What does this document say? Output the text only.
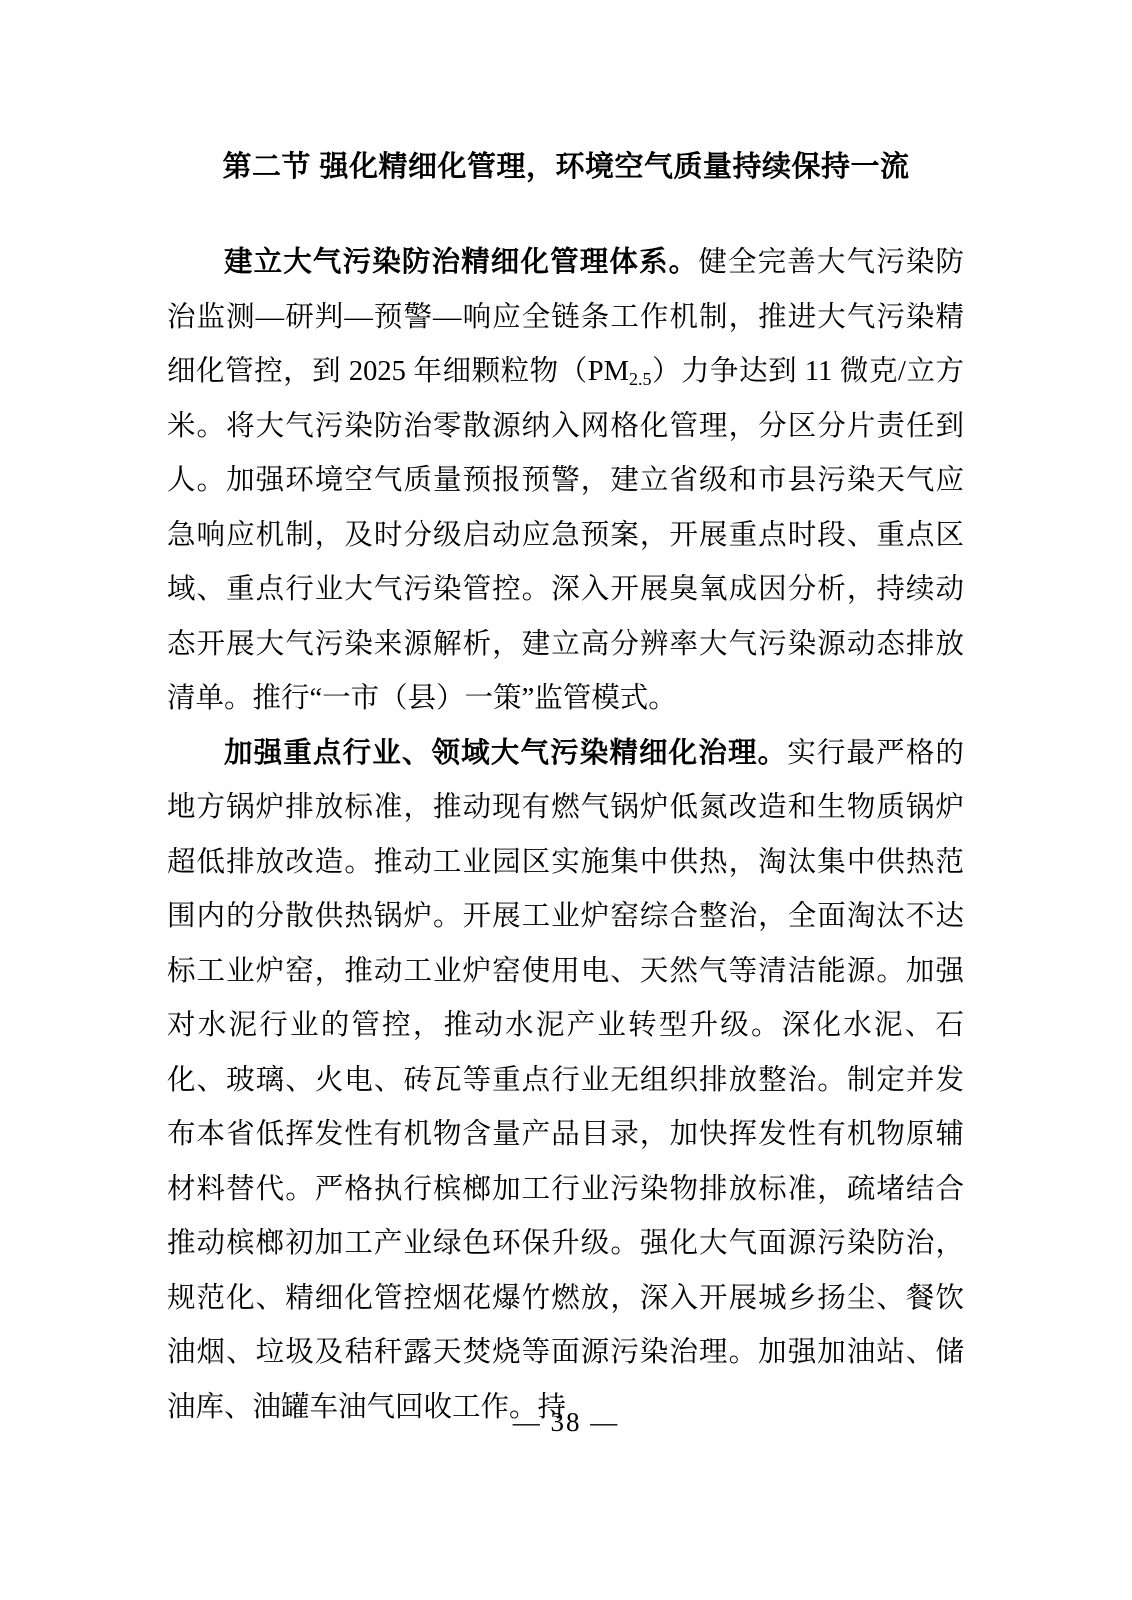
第二节 强化精细化管理，环境空气质量持续保持一流

建立大气污染防治精细化管理体系。健全完善大气污染防治监测—研判—预警—响应全链条工作机制，推进大气污染精细化管控，到 2025 年细颗粒物（PM2.5）力争达到 11 微克/立方米。将大气污染防治零散源纳入网格化管理，分区分片责任到人。加强环境空气质量预报预警，建立省级和市县污染天气应急响应机制，及时分级启动应急预案，开展重点时段、重点区域、重点行业大气污染管控。深入开展臭氧成因分析，持续动态开展大气污染来源解析，建立高分辨率大气污染源动态排放清单。推行“一市（县）一策”监管模式。

加强重点行业、领域大气污染精细化治理。实行最严格的地方锅炉排放标准，推动现有燃气锅炉低氮改造和生物质锅炉超低排放改造。推动工业园区实施集中供热，淘汰集中供热范围内的分散供热锅炉。开展工业炉窑综合整治，全面淘汰不达标工业炉窑，推动工业炉窑使用电、天然气等清洁能源。加强对水泥行业的管控，推动水泥产业转型升级。深化水泥、石化、玻璃、火电、砖瓦等重点行业无组织排放整治。制定并发布本省低挥发性有机物含量产品目录，加快挥发性有机物原辅材料替代。严格执行槟榔加工行业污染物排放标准，疏堵结合推动槟榔初加工产业绿色环保升级。强化大气面源污染防治，规范化、精细化管控烟花爆竹燃放，深入开展城乡扬尘、餐饮油烟、垃圾及秸秆露天焚烧等面源污染治理。加强加油站、储油库、油罐车油气回收工作。持

— 38 —
